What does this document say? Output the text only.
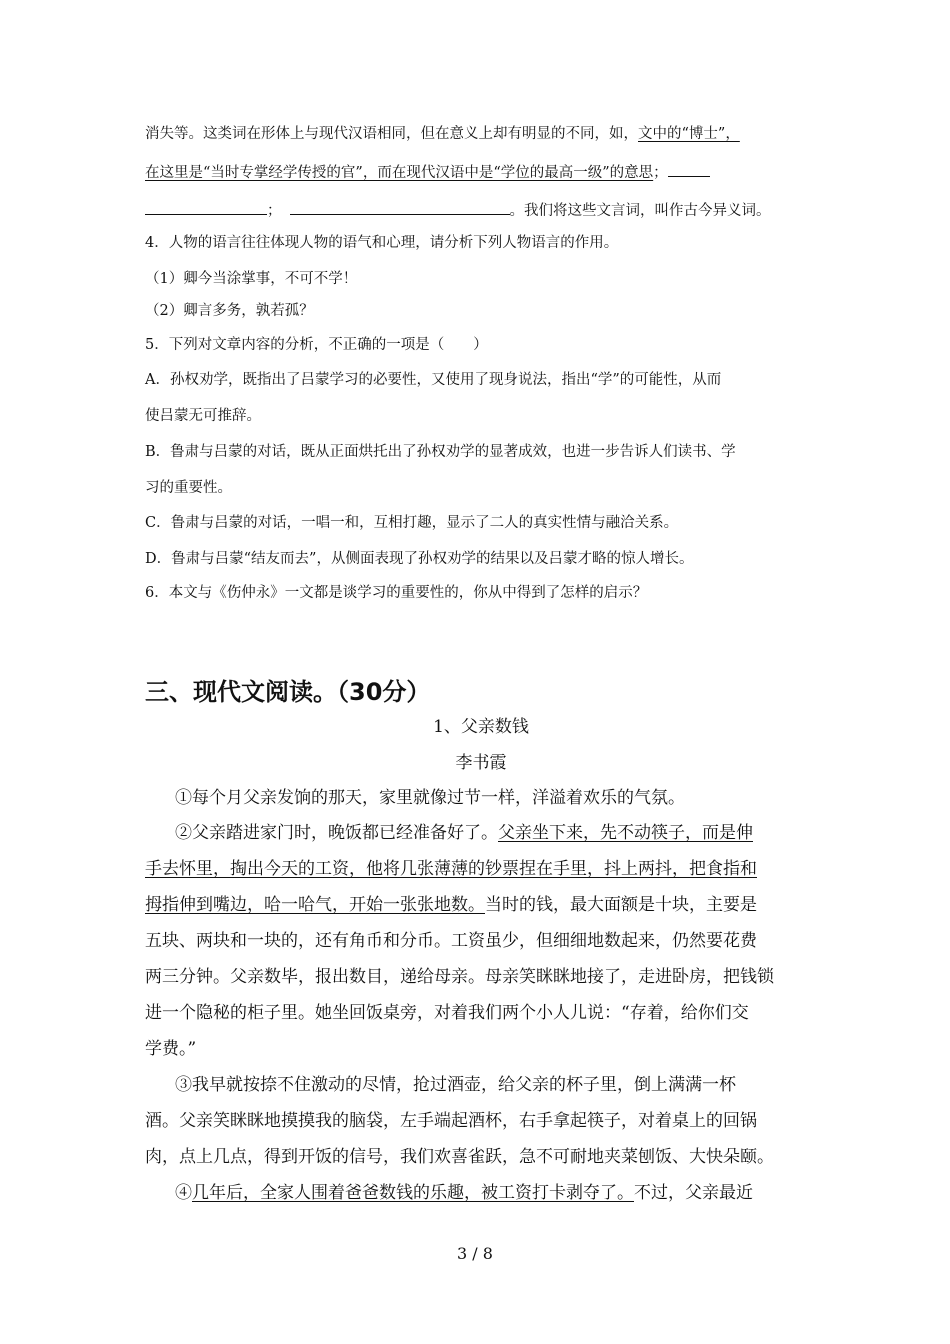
消失等。这类词在形体上与现代汉语相同，但在意义上却有明显的不同，如，文中的“博士”，
在这里是“当时专掌经学传授的官”，而在现代汉语中是“学位的最高一级”的意思；
；	。我们将这些文言词，叫作古今异义词。
4．人物的语言往往体现人物的语气和心理，请分析下列人物语言的作用。
（1）卿今当涂掌事，不可不学！
（2）卿言多务，孰若孤？
5．下列对文章内容的分析，不正确的一项是（　　）
A．孙权劝学，既指出了吕蒙学习的必要性，又使用了现身说法，指出“学”的可能性，从而
使吕蒙无可推辞。
B．鲁肃与吕蒙的对话，既从正面烘托出了孙权劝学的显著成效，也进一步告诉人们读书、学
习的重要性。
C．鲁肃与吕蒙的对话，一唱一和，互相打趣，显示了二人的真实性情与融洽关系。
D．鲁肃与吕蒙“结友而去”，从侧面表现了孙权劝学的结果以及吕蒙才略的惊人增长。
6．本文与《伤仲永》一文都是谈学习的重要性的，你从中得到了怎样的启示？
三、现代文阅读。（30分）
1、父亲数钱
李书霞
①每个月父亲发饷的那天，家里就像过节一样，洋溢着欢乐的气氛。
②父亲踏进家门时，晚饭都已经准备好了。父亲坐下来，先不动筷子，而是伸
手去怀里，掏出今天的工资，他将几张薄薄的钞票捏在手里，抖上两抖，把食指和
拇指伸到嘴边，哈一哈气，开始一张张地数。当时的钱，最大面额是十块，主要是
五块、两块和一块的，还有角币和分币。工资虽少，但细细地数起来，仍然要花费
两三分钟。父亲数毕，报出数目，递给母亲。母亲笑眯眯地接了，走进卧房，把钱锁
进一个隐秘的柜子里。她坐回饭桌旁，对着我们两个小人儿说：“存着，给你们交
学费。”
③我早就按捺不住激动的尽情，抢过酒壶，给父亲的杯子里，倒上满满一杯
酒。父亲笑眯眯地摸摸我的脑袋，左手端起酒杯，右手拿起筷子，对着桌上的回锅
肉，点上几点，得到开饭的信号，我们欢喜雀跃，急不可耐地夹菜刨饭、大快朵颐。
④几年后，全家人围着爸爸数钱的乐趣，被工资打卡剥夺了。不过，父亲最近
3 / 8
